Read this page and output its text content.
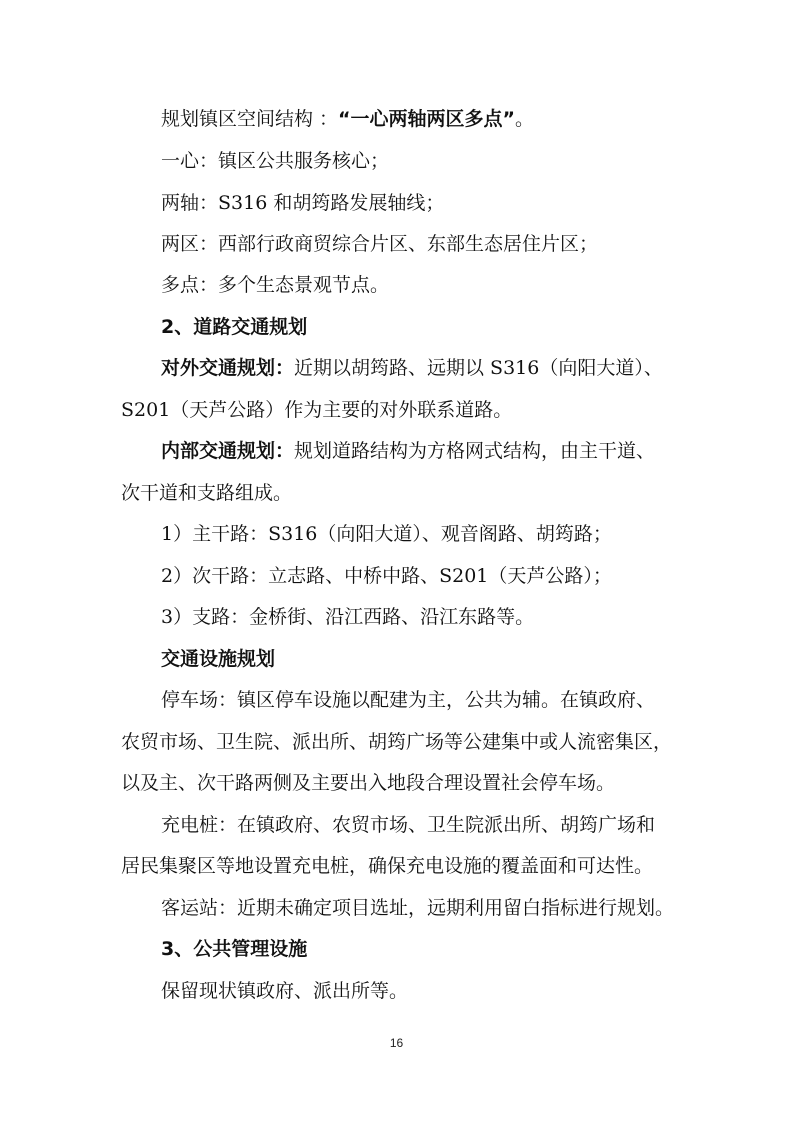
规划镇区空间结构 ：“一心两轴两区多点”。
一心：镇区公共服务核心；
两轴：S316 和胡筠路发展轴线；
两区：西部行政商贸综合片区、东部生态居住片区；
多点：多个生态景观节点。
2、道路交通规划
对外交通规划：近期以胡筠路、远期以 S316（向阳大道）、
S201（天芦公路）作为主要的对外联系道路。
内部交通规划：规划道路结构为方格网式结构，由主干道、
次干道和支路组成。
1）主干路：S316（向阳大道）、观音阁路、胡筠路；
2）次干路：立志路、中桥中路、S201（天芦公路）；
3）支路：金桥街、沿江西路、沿江东路等。
交通设施规划
停车场：镇区停车设施以配建为主，公共为辅。在镇政府、
农贸市场、卫生院、派出所、胡筠广场等公建集中或人流密集区，
以及主、次干路两侧及主要出入地段合理设置社会停车场。
充电桩：在镇政府、农贸市场、卫生院派出所、胡筠广场和
居民集聚区等地设置充电桩，确保充电设施的覆盖面和可达性。
客运站：近期未确定项目选址，远期利用留白指标进行规划。
3、公共管理设施
保留现状镇政府、派出所等。
16
